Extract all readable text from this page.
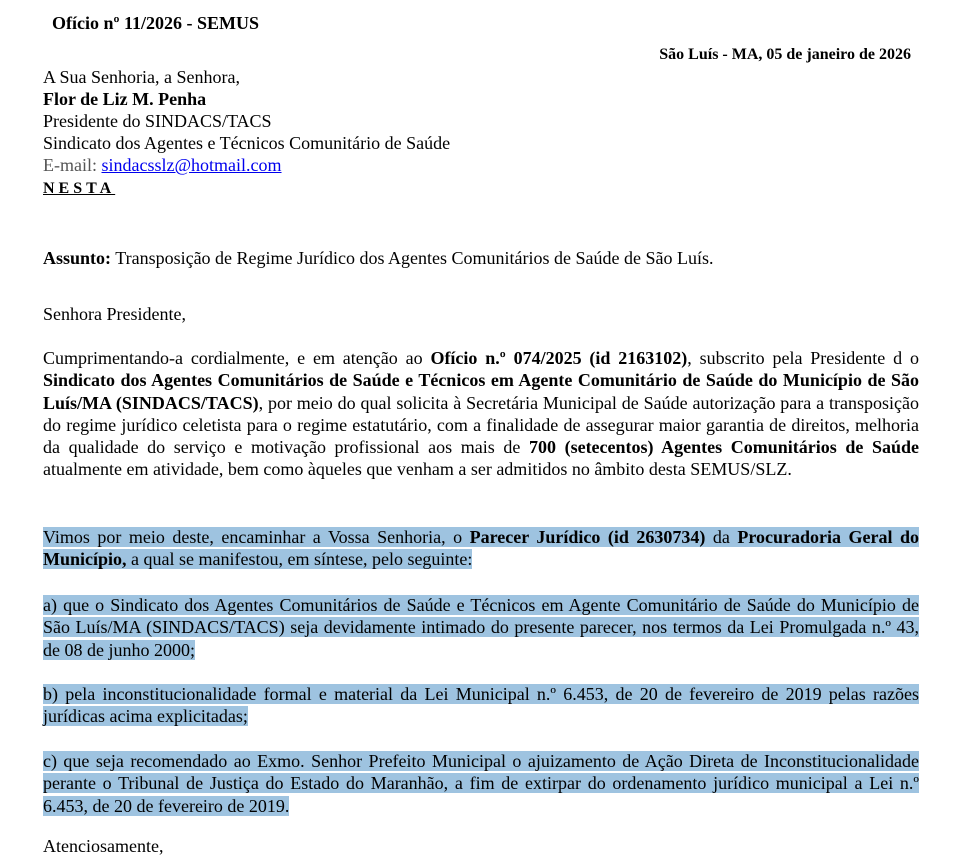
Ofício nº 11/2026 - SEMUS
São Luís - MA, 05 de janeiro de 2026
A Sua Senhoria, a Senhora,
Flor de Liz M. Penha
Presidente do SINDACS/TACS
Sindicato dos Agentes e Técnicos Comunitário de Saúde
E-mail: sindacsslz@hotmail.com
NESTA
Assunto: Transposição de Regime Jurídico dos Agentes Comunitários de Saúde de São Luís.
Senhora Presidente,
Cumprimentando-a cordialmente, e em atenção ao Ofício n.º 074/2025 (id 2163102), subscrito pela Presidente d o Sindicato dos Agentes Comunitários de Saúde e Técnicos em Agente Comunitário de Saúde do Município de São Luís/MA (SINDACS/TACS), por meio do qual solicita à Secretária Municipal de Saúde autorização para a transposição do regime jurídico celetista para o regime estatutário, com a finalidade de assegurar maior garantia de direitos, melhoria da qualidade do serviço e motivação profissional aos mais de 700 (setecentos) Agentes Comunitários de Saúde atualmente em atividade, bem como àqueles que venham a ser admitidos no âmbito desta SEMUS/SLZ.
Vimos por meio deste, encaminhar a Vossa Senhoria, o Parecer Jurídico (id 2630734) da Procuradoria Geral do Município, a qual se manifestou, em síntese, pelo seguinte:
a) que o Sindicato dos Agentes Comunitários de Saúde e Técnicos em Agente Comunitário de Saúde do Município de São Luís/MA (SINDACS/TACS) seja devidamente intimado do presente parecer, nos termos da Lei Promulgada n.º 43, de 08 de junho 2000;
b) pela inconstitucionalidade formal e material da Lei Municipal n.º 6.453, de 20 de fevereiro de 2019 pelas razões jurídicas acima explicitadas;
c) que seja recomendado ao Exmo. Senhor Prefeito Municipal o ajuizamento de Ação Direta de Inconstitucionalidade perante o Tribunal de Justiça do Estado do Maranhão, a fim de extirpar do ordenamento jurídico municipal a Lei n.º 6.453, de 20 de fevereiro de 2019.
Atenciosamente,
